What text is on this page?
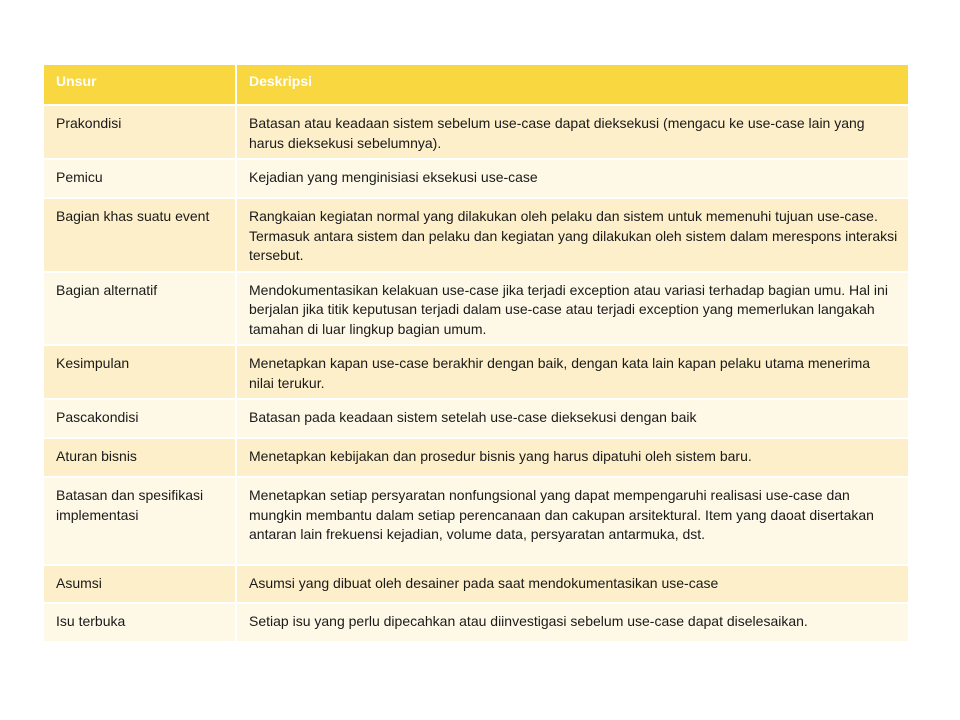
Unsur	Deskripsi
Prakondisi	Batasan atau keadaan sistem sebelum use-case dapat dieksekusi (mengacu ke use-case lain yang harus dieksekusi sebelumnya).
Pemicu	Kejadian yang menginisiasi eksekusi use-case
Bagian khas suatu event	Rangkaian kegiatan normal yang dilakukan oleh pelaku dan sistem untuk memenuhi tujuan use-case. Termasuk antara sistem dan pelaku dan kegiatan yang dilakukan oleh sistem dalam merespons interaksi tersebut.
Bagian alternatif	Mendokumentasikan kelakuan use-case jika terjadi exception atau variasi terhadap bagian umu. Hal ini berjalan jika titik keputusan terjadi dalam use-case atau terjadi exception yang memerlukan langakah tamahan di luar lingkup bagian umum.
Kesimpulan	Menetapkan kapan use-case berakhir dengan baik, dengan kata lain kapan pelaku utama menerima nilai terukur.
Pascakondisi	Batasan pada keadaan sistem setelah use-case dieksekusi dengan baik
Aturan bisnis	Menetapkan kebijakan dan prosedur bisnis yang harus dipatuhi oleh sistem baru.
Batasan dan spesifikasi implementasi	Menetapkan setiap persyaratan nonfungsional yang dapat mempengaruhi realisasi use-case dan mungkin membantu dalam setiap perencanaan dan cakupan arsitektural. Item yang daoat disertakan antaran lain frekuensi kejadian, volume data, persyaratan antarmuka, dst.
Asumsi	Asumsi yang dibuat oleh desainer pada saat mendokumentasikan use-case
Isu terbuka	Setiap isu yang perlu dipecahkan atau diinvestigasi sebelum use-case dapat diselesaikan.
